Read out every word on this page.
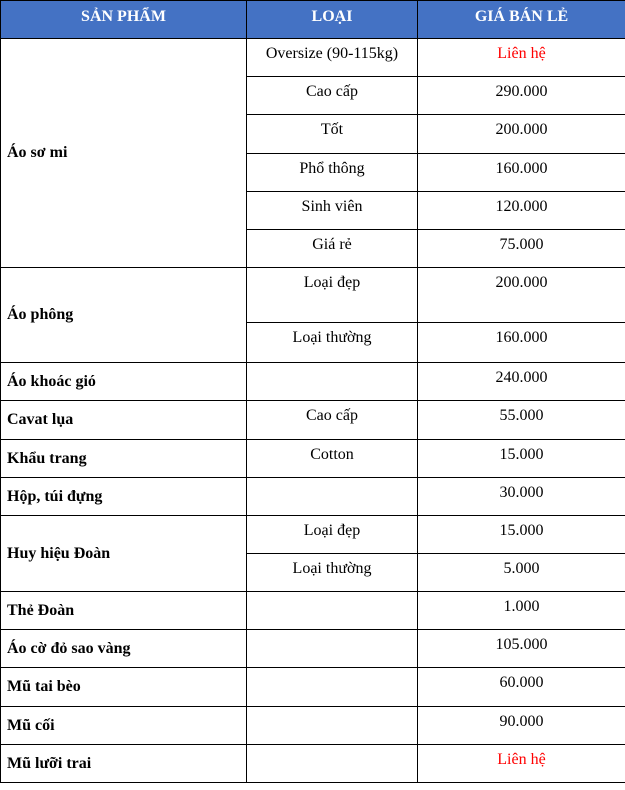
SẢN PHẨM	LOẠI	GIÁ BÁN LẺ
Áo sơ mi	Oversize (90-115kg)	Liên hệ
	Cao cấp	290.000
	Tốt	200.000
	Phổ thông	160.000
	Sinh viên	120.000
	Giá rẻ	75.000
Áo phông	Loại đẹp	200.000
	Loại thường	160.000
Áo khoác gió		240.000
Cavat lụa	Cao cấp	55.000
Khẩu trang	Cotton	15.000
Hộp, túi đựng		30.000
Huy hiệu Đoàn	Loại đẹp	15.000
	Loại thường	5.000
Thẻ Đoàn		1.000
Áo cờ đỏ sao vàng		105.000
Mũ tai bèo		60.000
Mũ cối		90.000
Mũ lưỡi trai		Liên hệ
